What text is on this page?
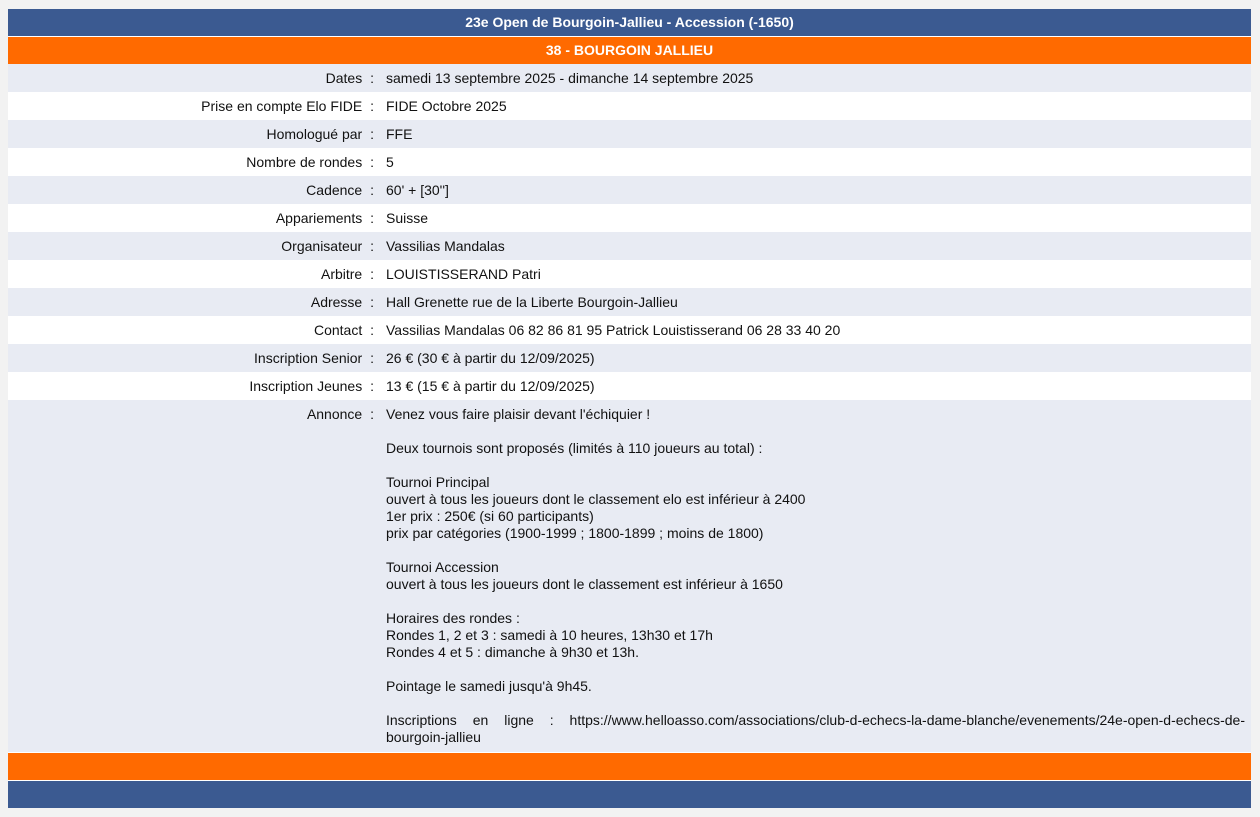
23e Open de Bourgoin-Jallieu - Accession (-1650)
38 - BOURGOIN JALLIEU
Dates : samedi 13 septembre 2025 - dimanche 14 septembre 2025
Prise en compte Elo FIDE : FIDE Octobre 2025
Homologué par : FFE
Nombre de rondes : 5
Cadence : 60' + [30'']
Appariements : Suisse
Organisateur : Vassilias Mandalas
Arbitre : LOUISTISSERAND Patri
Adresse : Hall Grenette rue de la Liberte Bourgoin-Jallieu
Contact : Vassilias Mandalas 06 82 86 81 95 Patrick Louistisserand 06 28 33 40 20
Inscription Senior : 26 € (30 € à partir du 12/09/2025)
Inscription Jeunes : 13 € (15 € à partir du 12/09/2025)
Annonce : Venez vous faire plaisir devant l'échiquier !

Deux tournois sont proposés (limités à 110 joueurs au total) :

Tournoi Principal
ouvert à tous les joueurs dont le classement elo est inférieur à 2400
1er prix : 250€ (si 60 participants)
prix par catégories (1900-1999 ; 1800-1899 ; moins de 1800)

Tournoi Accession
ouvert à tous les joueurs dont le classement est inférieur à 1650

Horaires des rondes :
Rondes 1, 2 et 3 : samedi à 10 heures, 13h30 et 17h
Rondes 4 et 5 : dimanche à 9h30 et 13h.

Pointage le samedi jusqu'à 9h45.

Inscriptions en ligne : https://www.helloasso.com/associations/club-d-echecs-la-dame-blanche/evenements/24e-open-d-echecs-de-bourgoin-jallieu
